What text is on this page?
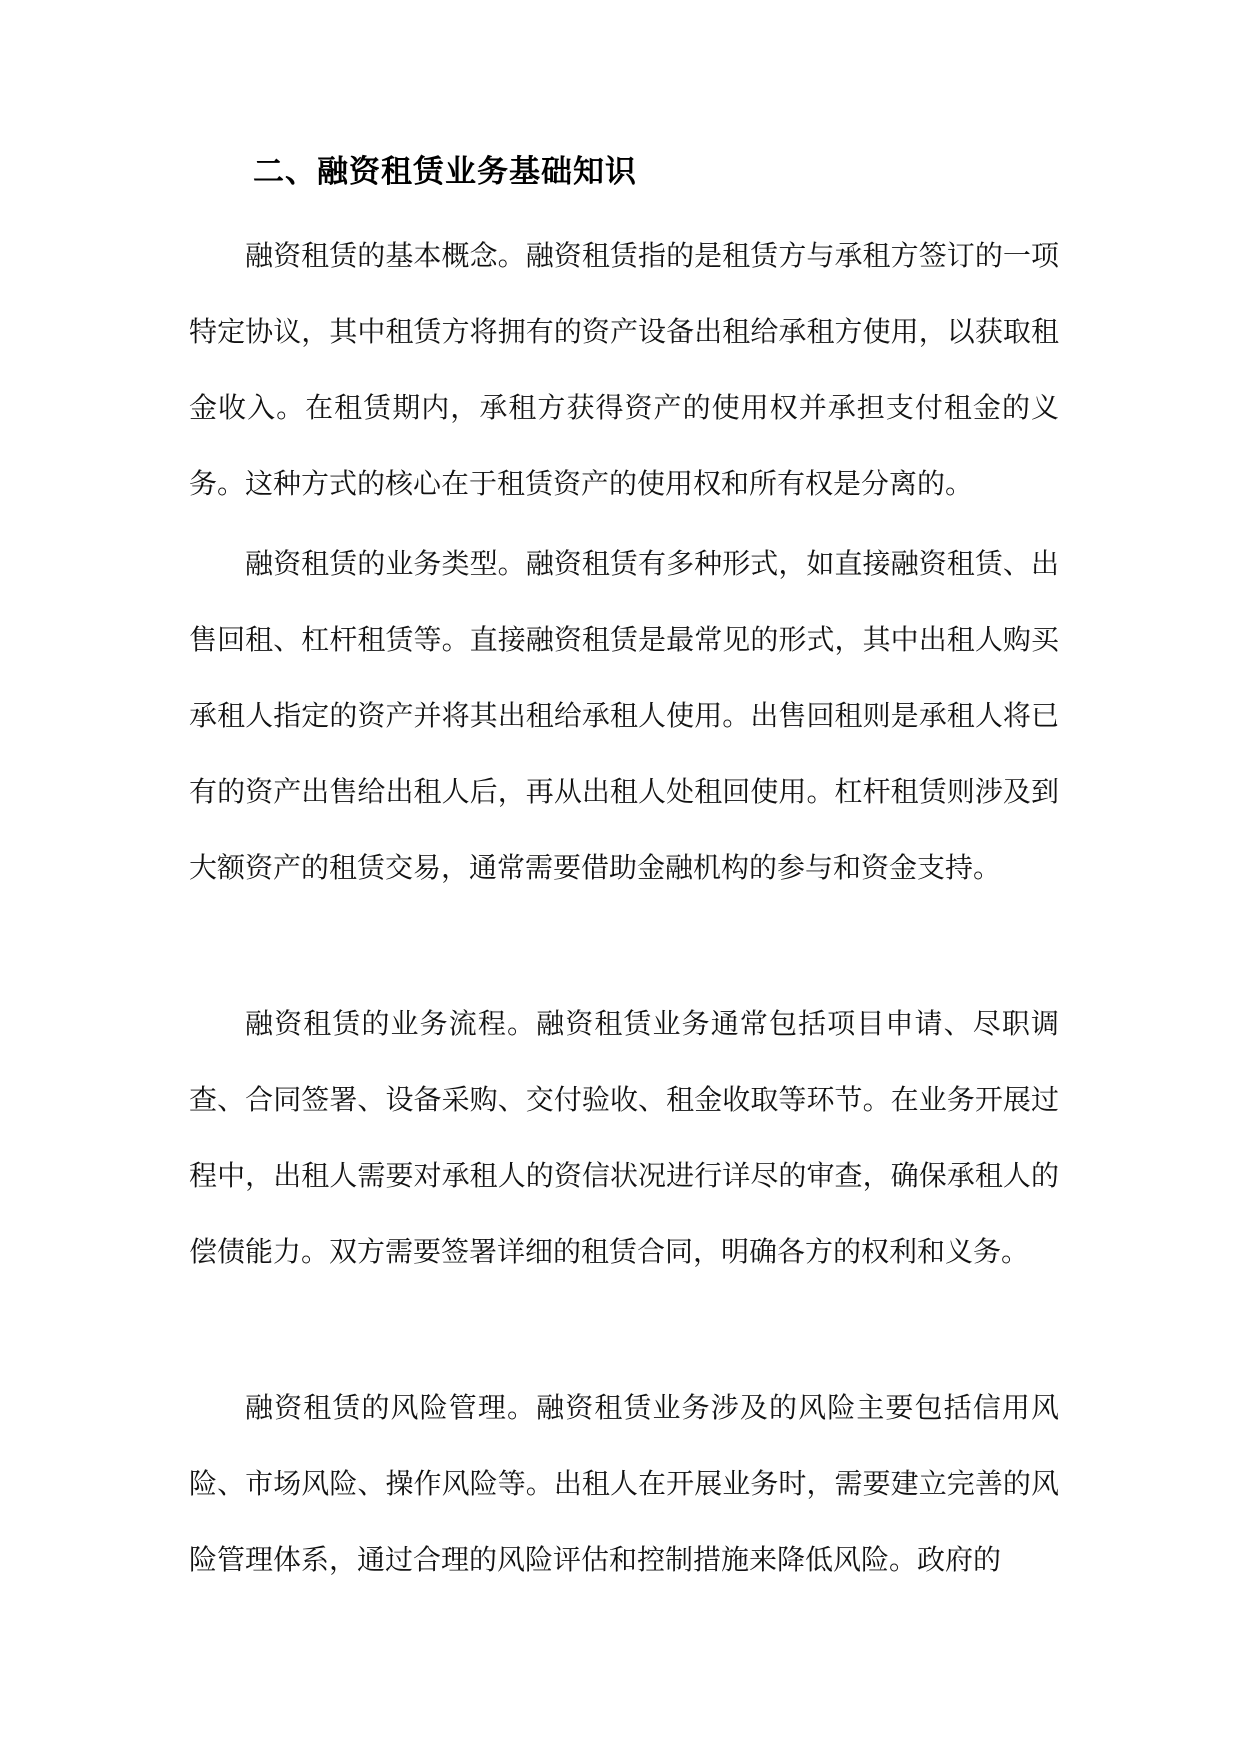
二、融资租赁业务基础知识

融资租赁的基本概念。融资租赁指的是租赁方与承租方签订的一项特定协议，其中租赁方将拥有的资产设备出租给承租方使用，以获取租金收入。在租赁期内，承租方获得资产的使用权并承担支付租金的义务。这种方式的核心在于租赁资产的使用权和所有权是分离的。

融资租赁的业务类型。融资租赁有多种形式，如直接融资租赁、出售回租、杠杆租赁等。直接融资租赁是最常见的形式，其中出租人购买承租人指定的资产并将其出租给承租人使用。出售回租则是承租人将已有的资产出售给出租人后，再从出租人处租回使用。杠杆租赁则涉及到大额资产的租赁交易，通常需要借助金融机构的参与和资金支持。

融资租赁的业务流程。融资租赁业务通常包括项目申请、尽职调查、合同签署、设备采购、交付验收、租金收取等环节。在业务开展过程中，出租人需要对承租人的资信状况进行详尽的审查，确保承租人的偿债能力。双方需要签署详细的租赁合同，明确各方的权利和义务。

融资租赁的风险管理。融资租赁业务涉及的风险主要包括信用风险、市场风险、操作风险等。出租人在开展业务时，需要建立完善的风险管理体系，通过合理的风险评估和控制措施来降低风险。政府的
